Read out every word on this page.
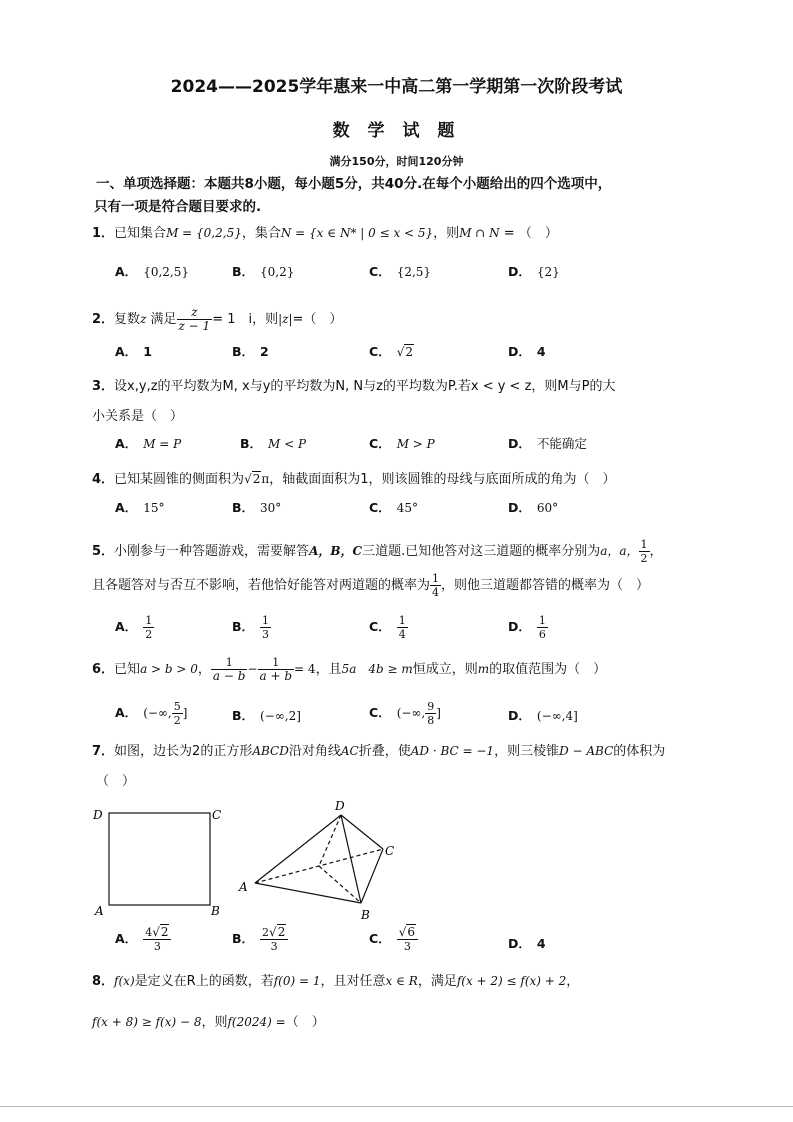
2024——2025学年惠来一中高二第一学期第一次阶段考试
数 学 试 题
满分150分，时间120分钟
一、单项选择题：本题共8小题，每小题5分，共40分.在每个小题给出的四个选项中，
只有一项是符合题目要求的.
1．已知集合M = {0,2,5}，集合N = {x ∈ N* | 0 ≤ x < 5}，则M ∩ N = （　）
A． {0,2,5}	B． {0,2}	C． {2,5}	D． {2}
2．复数z 满足 $\frac{z}{z - 1} = 1$　i，则|z|=（　）
A． 1	B． 2	C． √2	D． 4
3．设x,y,z的平均数为M, x与y的平均数为N, N与z的平均数为P.若x < y < z，则M与P的大
小关系是（　）
A． M = P	B． M < P	C． M > P	D． 不能确定
4．已知某圆锥的侧面积为√2π，轴截面面积为1，则该圆锥的母线与底面所成的角为（　）
A． 15°	B． 30°	C． 45°	D． 60°
5．小刚参与一种答题游戏，需要解答A，B，C三道题.已知他答对这三道题的概率分别为a，a， $\frac{1}{2}$ ，
且各题答对与否互不影响，若他恰好能答对两道题的概率为 $\frac{1}{4}$ ，则他三道题都答错的概率为（　）
A． $\frac{1}{2}$	B． $\frac{1}{3}$	C． $\frac{1}{4}$	D． $\frac{1}{6}$
6．已知a > b > 0， $\frac{1}{a - b} - \frac{1}{a + b} = 4$，且5a　4b ≥ m恒成立，则m的取值范围为（　）
A． (−∞, $\frac{5}{2}$ ]	B． (−∞,2]	C． (−∞, $\frac{9}{8}$ ]	D． (−∞,4]
7．如图，边长为2的正方形ABCD沿对角线AC折叠，使AD · BC = −1，则三棱锥D − ABC的体积为
（　）
D	C
A	B
D
C
A
B
A． $\frac{4√2}{3}$	B． $\frac{2√2}{3}$	C． $\frac{√6}{3}$	D． 4
8．f(x)是定义在R上的函数，若f(0) = 1，且对任意x ∈ R，满足f(x + 2) ≤ f(x) + 2，
f(x + 8) ≥ f(x) − 8，则f(2024) =（　）
